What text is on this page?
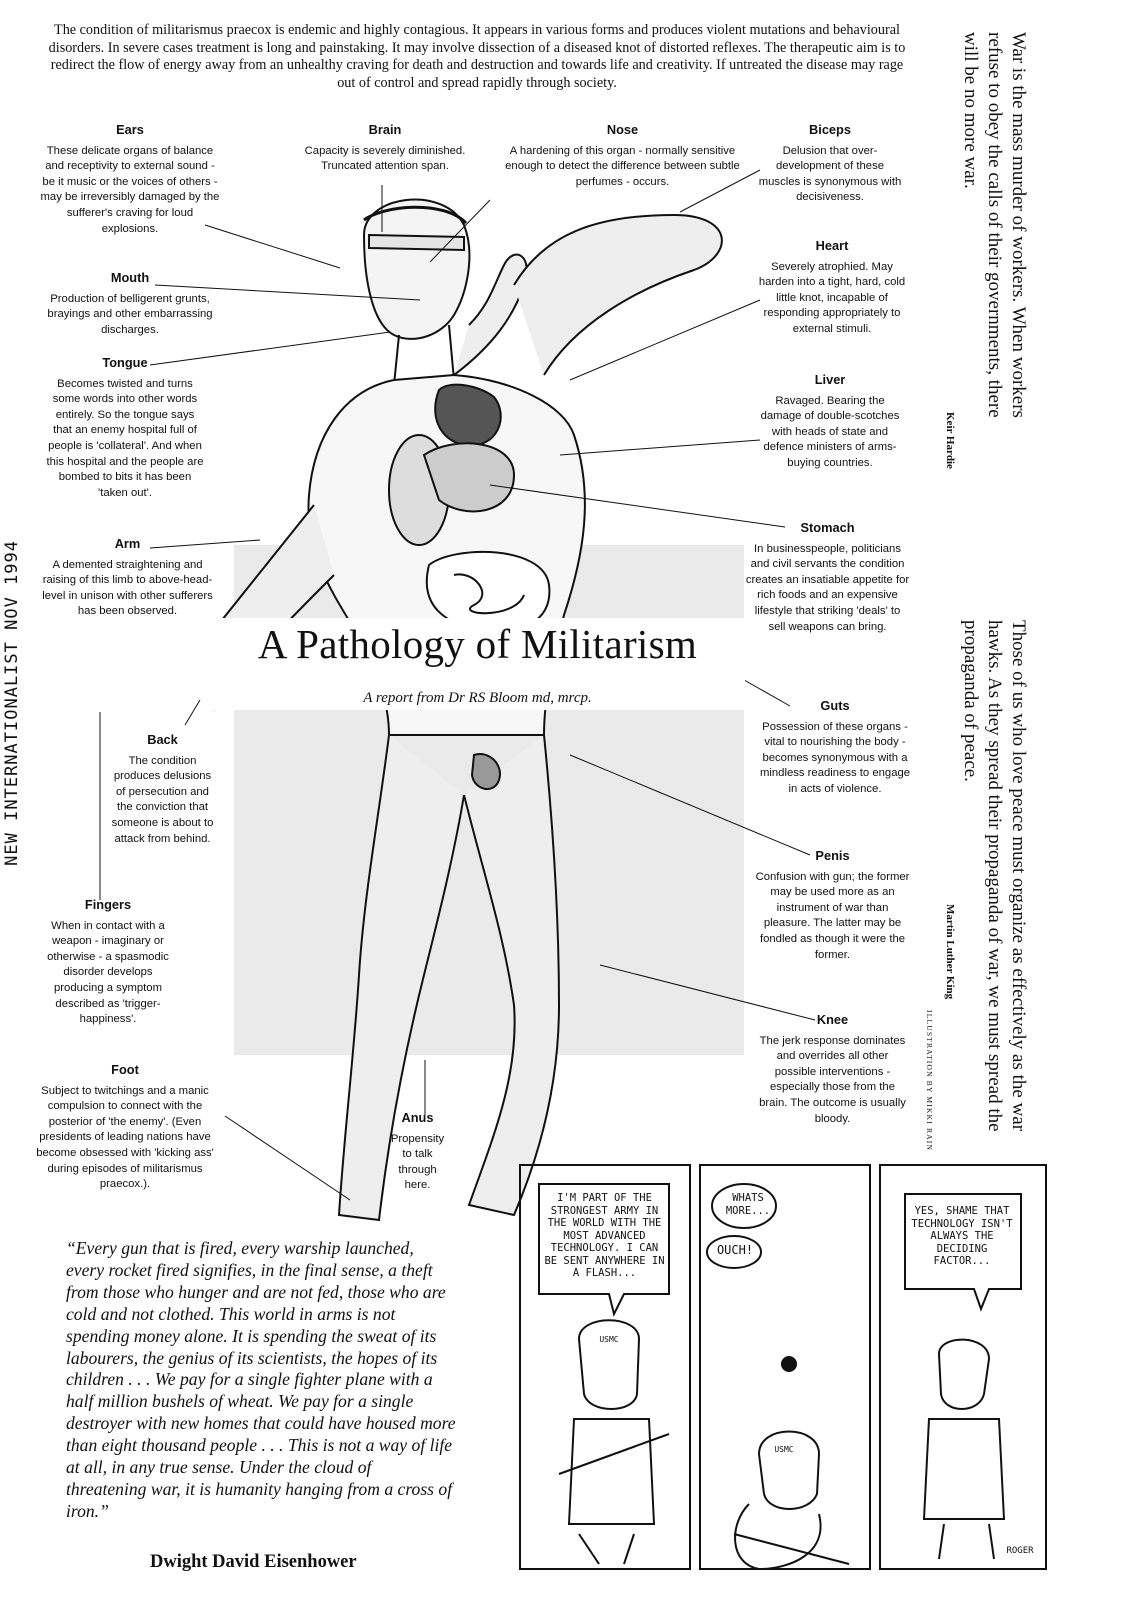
The condition of militarismus praecox is endemic and highly contagious. It appears in various forms and produces violent mutations and behavioural disorders. In severe cases treatment is long and painstaking. It may involve dissection of a diseased knot of distorted reflexes. The therapeutic aim is to redirect the flow of energy away from an unhealthy craving for death and destruction and towards life and creativity. If untreated the disease may rage out of control and spread rapidly through society.
Ears
These delicate organs of balance and receptivity to external sound - be it music or the voices of others - may be irreversibly damaged by the sufferer's craving for loud explosions.
Brain
Capacity is severely diminished. Truncated attention span.
Nose
A hardening of this organ - normally sensitive enough to detect the difference between subtle perfumes - occurs.
Biceps
Delusion that over-development of these muscles is synonymous with decisiveness.
Mouth
Production of belligerent grunts, brayings and other embarrassing discharges.
Heart
Severely atrophied. May harden into a tight, hard, cold little knot, incapable of responding appropriately to external stimuli.
Tongue
Becomes twisted and turns some words into other words entirely. So the tongue says that an enemy hospital full of people is 'collateral'. And when this hospital and the people are bombed to bits it has been 'taken out'.
Liver
Ravaged. Bearing the damage of double-scotches with heads of state and defence ministers of arms-buying countries.
Arm
A demented straightening and raising of this limb to above-head-level in unison with other sufferers has been observed.
Stomach
In businesspeople, politicians and civil servants the condition creates an insatiable appetite for rich foods and an expensive lifestyle that striking 'deals' to sell weapons can bring.
Guts
Possession of these organs - vital to nourishing the body - becomes synonymous with a mindless readiness to engage in acts of violence.
Back
The condition produces delusions of persecution and the conviction that someone is about to attack from behind.
Penis
Confusion with gun; the former may be used more as an instrument of war than pleasure. The latter may be fondled as though it were the former.
Fingers
When in contact with a weapon - imaginary or otherwise - a spasmodic disorder develops producing a symptom described as 'trigger-happiness'.	Knee
The jerk response dominates and overrides all other possible interventions - especially those from the brain. The outcome is usually bloody.
Foot
Subject to twitchings and a manic compulsion to connect with the posterior of 'the enemy'. (Even presidents of leading nations have become obsessed with 'kicking ass' during episodes of militarismus praecox.).
Anus
Propensity to talk through here.
A Pathology of Militarism
A report from Dr RS Bloom md, mrcp.
War is the mass murder of workers. When workers refuse to obey the calls of their governments, there will be no more war.
Keir Hardie
Those of us who love peace must organize as effectively as the war hawks. As they spread their propaganda of war, we must spread the propaganda of peace.
Martin Luther King
ILLUSTRATION BY MIKKI RAIN
NEW INTERNATIONALIST NOV 1994
“Every gun that is fired, every warship launched, every rocket fired signifies, in the final sense, a theft from those who hunger and are not fed, those who are cold and not clothed. This world in arms is not spending money alone. It is spending the sweat of its labourers, the genius of its scientists, the hopes of its children . . . We pay for a single fighter plane with a half million bushels of wheat. We pay for a single destroyer with new homes that could have housed more than eight thousand people . . . This is not a way of life at all, in any true sense. Under the cloud of threatening war, it is humanity hanging from a cross of iron.”
Dwight David Eisenhower
I'M PART OF THE STRONGEST ARMY IN THE WORLD WITH THE MOST ADVANCED TECHNOLOGY. I CAN BE SENT ANYWHERE IN A FLASH...
WHATS MORE...
OUCH!
YES, SHAME THAT TECHNOLOGY ISN'T ALWAYS THE DECIDING FACTOR...
USMC
USMC
ROGER
